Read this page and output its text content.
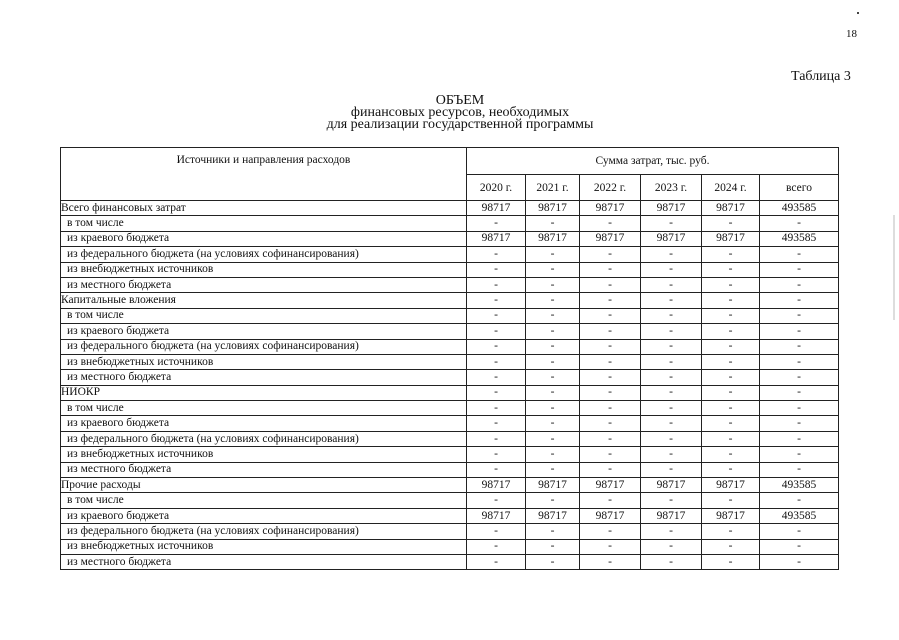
18
Таблица 3
ОБЪЕМ
финансовых ресурсов, необходимых
для реализации государственной программы
Источники и направления расходов	Сумма затрат, тыс. руб.					
	2020 г.	2021 г.	2022 г.	2023 г.	2024 г.	всего
Всего финансовых затрат	98717	98717	98717	98717	98717	493585
в том числе	-	-	-	-	-	-
из краевого бюджета	98717	98717	98717	98717	98717	493585
из федерального бюджета (на условиях софинансирования)	-	-	-	-	-	-
из внебюджетных источников	-	-	-	-	-	-
из местного бюджета	-	-	-	-	-	-
Капитальные вложения	-	-	-	-	-	-
в том числе	-	-	-	-	-	-
из краевого бюджета	-	-	-	-	-	-
из федерального бюджета (на условиях софинансирования)	-	-	-	-	-	-
из внебюджетных источников	-	-	-	-	-	-
из местного бюджета	-	-	-	-	-	-
НИОКР	-	-	-	-	-	-
в том числе	-	-	-	-	-	-
из краевого бюджета	-	-	-	-	-	-
из федерального бюджета (на условиях софинансирования)	-	-	-	-	-	-
из внебюджетных источников	-	-	-	-	-	-
из местного бюджета	-	-	-	-	-	-
Прочие расходы	98717	98717	98717	98717	98717	493585
в том числе	-	-	-	-	-	-
из краевого бюджета	98717	98717	98717	98717	98717	493585
из федерального бюджета (на условиях софинансирования)	-	-	-	-	-	-
из внебюджетных источников	-	-	-	-	-	-
из местного бюджета	-	-	-	-	-	-
